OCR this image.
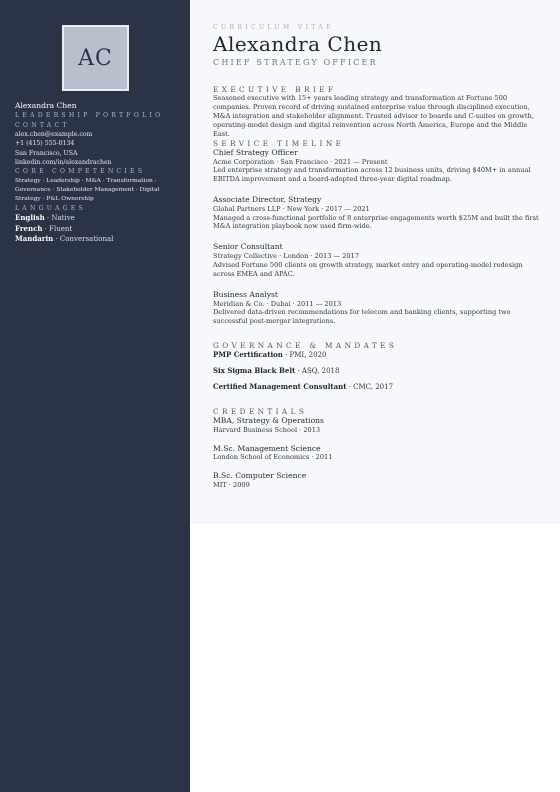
AC
Alexandra Chen
LEADERSHIP PORTFOLIO
CONTACT
alex.chen@example.com
+1 (415) 555-0134
San Francisco, USA
linkedin.com/in/alexandrachen
CORE COMPETENCIES
Strategy · Leadership · M&A · Transformation · Governance · Stakeholder Management · Digital Strategy · P&L Ownership
LANGUAGES
English · Native
French · Fluent
Mandarin · Conversational
CURRICULUM VITAE
Alexandra Chen
CHIEF STRATEGY OFFICER
EXECUTIVE BRIEF
Seasoned executive with 15+ years leading strategy and transformation at Fortune 500 companies. Proven record of driving sustained enterprise value through disciplined execution, M&A integration and stakeholder alignment. Trusted advisor to boards and C-suites on growth, operating-model design and digital reinvention across North America, Europe and the Middle East.
SERVICE TIMELINE
Chief Strategy Officer
Acme Corporation · San Francisco · 2021 — Present
Led enterprise strategy and transformation across 12 business units, driving $40M+ in annual EBITDA improvement and a board-adopted three-year digital roadmap.
Associate Director, Strategy
Global Partners LLP · New York · 2017 — 2021
Managed a cross-functional portfolio of 8 enterprise engagements worth $25M and built the first M&A integration playbook now used firm-wide.
Senior Consultant
Strategy Collective · London · 2013 — 2017
Advised Fortune 500 clients on growth strategy, market entry and operating-model redesign across EMEA and APAC.
Business Analyst
Meridian & Co. · Dubai · 2011 — 2013
Delivered data-driven recommendations for telecom and banking clients, supporting two successful post-merger integrations.
GOVERNANCE & MANDATES
PMP Certification · PMI, 2020
Six Sigma Black Belt · ASQ, 2018
Certified Management Consultant · CMC, 2017
CREDENTIALS
MBA, Strategy & Operations
Harvard Business School · 2013
M.Sc. Management Science
London School of Economics · 2011
B.Sc. Computer Science
MIT · 2009
